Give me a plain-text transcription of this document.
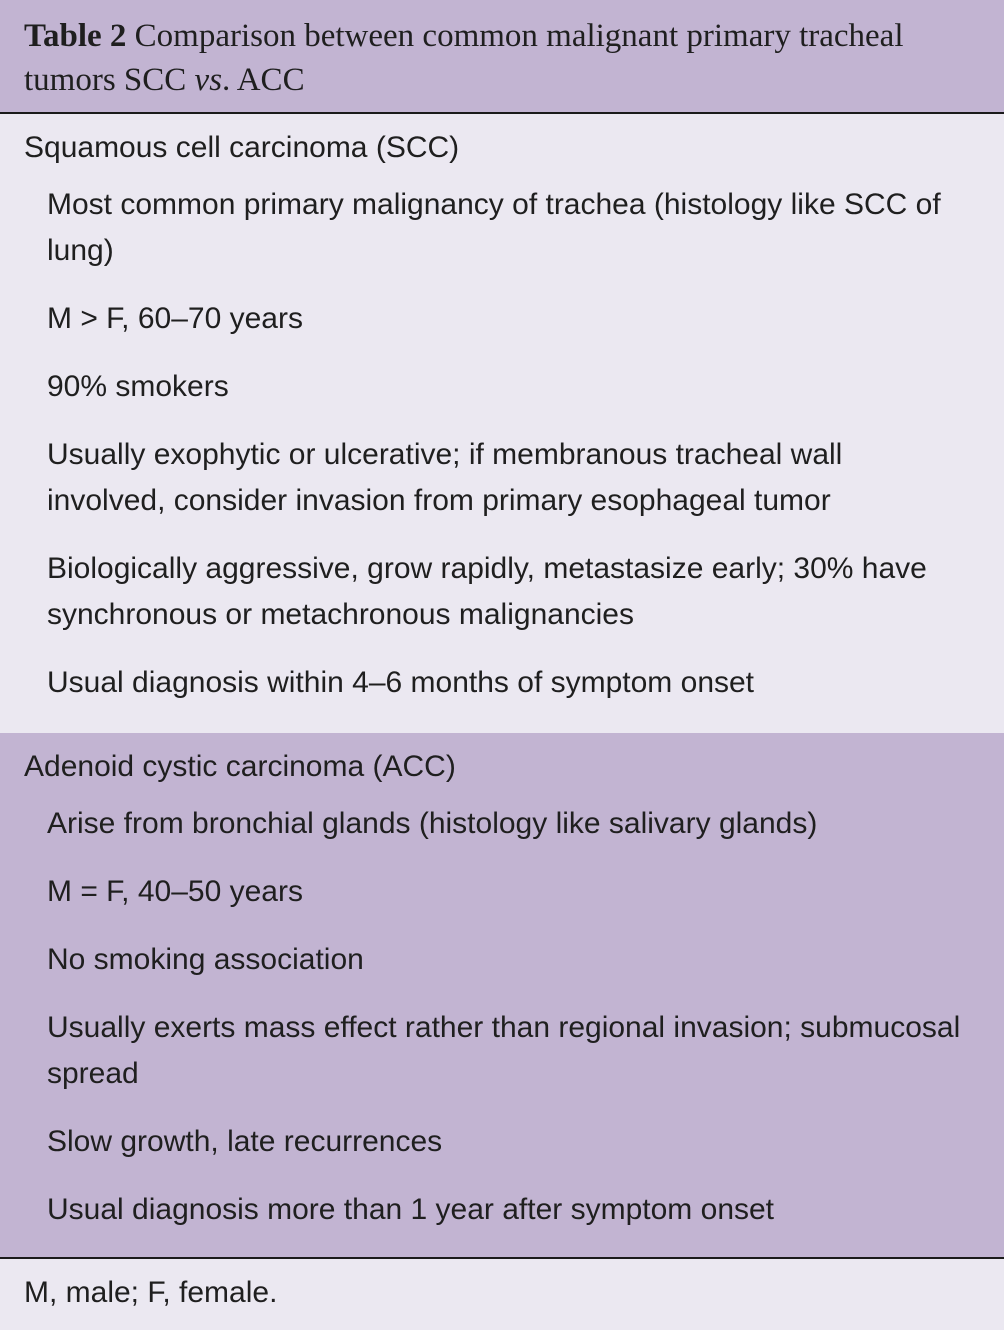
Table 2 Comparison between common malignant primary tracheal tumors SCC vs. ACC
Squamous cell carcinoma (SCC)
Most common primary malignancy of trachea (histology like SCC of lung)
M > F, 60–70 years
90% smokers
Usually exophytic or ulcerative; if membranous tracheal wall involved, consider invasion from primary esophageal tumor
Biologically aggressive, grow rapidly, metastasize early; 30% have synchronous or metachronous malignancies
Usual diagnosis within 4–6 months of symptom onset
Adenoid cystic carcinoma (ACC)
Arise from bronchial glands (histology like salivary glands)
M = F, 40–50 years
No smoking association
Usually exerts mass effect rather than regional invasion; submucosal spread
Slow growth, late recurrences
Usual diagnosis more than 1 year after symptom onset
M, male; F, female.
